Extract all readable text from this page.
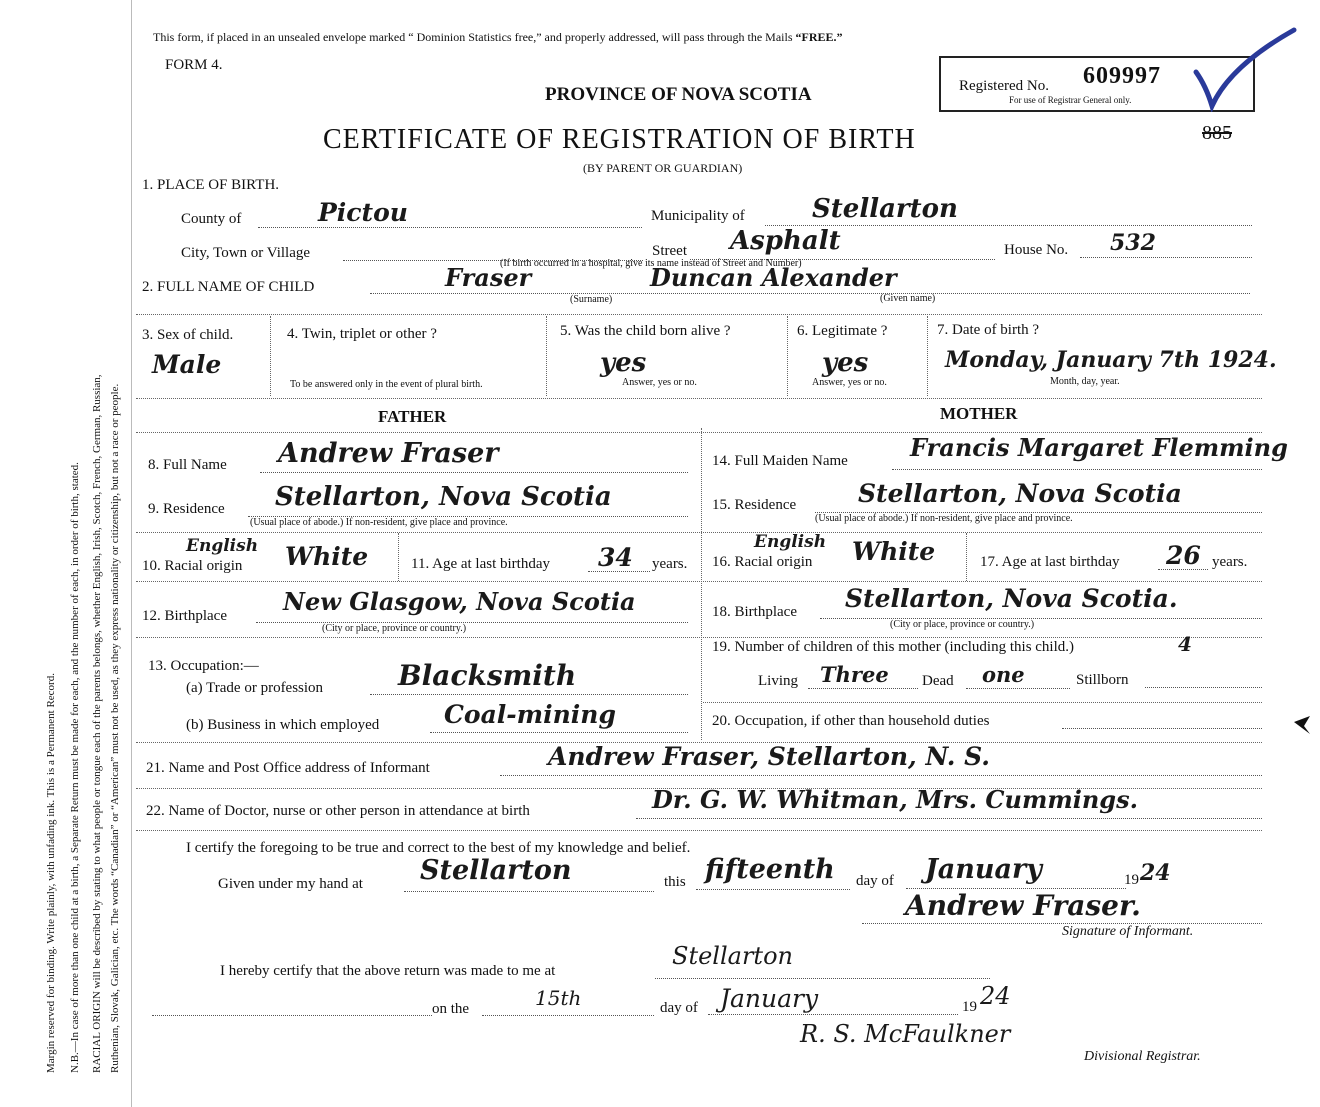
Margin reserved for binding. Write plainly, with unfading ink. This is a Permanent Record. N.B.—In case of more than one child at a birth, a Separate Return must be made for each, and the number of each, in order of birth, stated. RACIAL ORIGIN will be described by stating to what people or tongue each of the parents belongs, whether English, Irish, Scotch, French, German, Russian, Ruthenian, Slovak, Galician, etc. The words “Canadian” or “American” must not be used, as they express nationality or citizenship, but not a race or people.
This form, if placed in an unsealed envelope marked “ Dominion Statistics free,” and properly addressed, will pass through the Mails “FREE.”
FORM 4.
PROVINCE OF NOVA SCOTIA
CERTIFICATE OF REGISTRATION OF BIRTH
(BY PARENT OR GUARDIAN)
Registered No. 609997
For use of Registrar General only.
885
1. PLACE OF BIRTH.
County of	Pictou	Municipality of	Stellarton
City, Town or Village	Street Asphalt	House No. 532
(If birth occurred in a hospital, give its name instead of Street and Number)
2. FULL NAME OF CHILD	Fraser	Duncan Alexander
(Surname)	(Given name)
3. Sex of child.
Male
4. Twin, triplet or other ?
To be answered only in the event of plural birth.
5. Was the child born alive ?
yes
Answer, yes or no.
6. Legitimate ?
yes
Answer, yes or no.
7. Date of birth ?
Monday, January 7th 1924.
Month, day, year.
FATHER	MOTHER
8. Full Name Andrew Fraser	14. Full Maiden Name	Francis Margaret Flemming
9. Residence Stellarton, Nova Scotia
(Usual place of abode.) If non-resident, give place and province.
15. Residence Stellarton, Nova Scotia
(Usual place of abode.) If non-resident, give place and province.
English
10. Racial origin White	11. Age at last birthday 34 years.
English
16. Racial origin White	17. Age at last birthday 26 years.
12. Birthplace New Glasgow, Nova Scotia
(City or place, province or country.)
18. Birthplace Stellarton, Nova Scotia.
(City or place, province or country.)
13. Occupation:—
(a) Trade or profession	Blacksmith
(b) Business in which employed	Coal-mining
19. Number of children of this mother (including this child.)	4
Living Three Dead one	Stillborn
20. Occupation, if other than household duties
21. Name and Post Office address of Informant	Andrew Fraser, Stellarton, N. S.
22. Name of Doctor, nurse or other person in attendance at birth	Dr. G. W. Whitman, Mrs. Cummings.
I certify the foregoing to be true and correct to the best of my knowledge and belief.
Given under my hand at Stellarton	this fifteenth day of January	19 24
Andrew Fraser.
Signature of Informant.
I hereby certify that the above return was made to me at
Stellarton
on the	15th	day of January	19 24
R. S. McFaulkner
Divisional Registrar.
